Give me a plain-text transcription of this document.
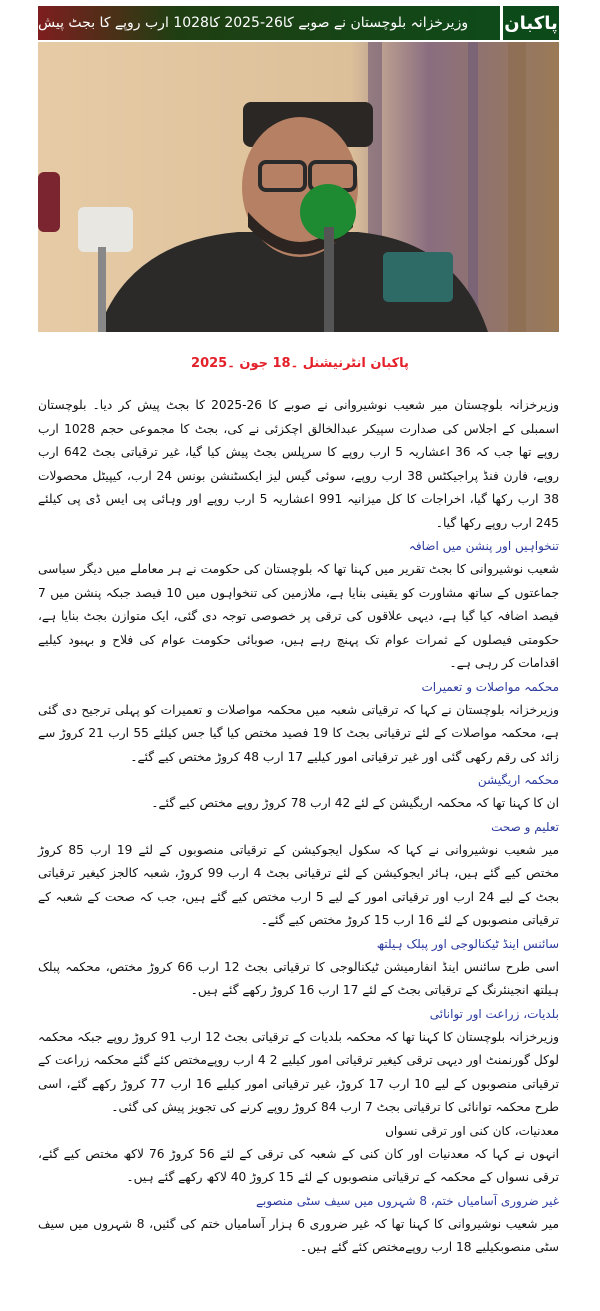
وزیرخزانہ بلوچستان نے صوبے کا26-2025 کا1028 ارب روپے کا بجٹ پیش	پاکبان
پاکبان انٹرنیشنل ۔18 جون ۔2025

وزیرخزانہ بلوچستان میر شعیب نوشیروانی نے صوبے کا 26-2025 کا بجٹ پیش کر دیا۔ بلوچستان اسمبلی کے اجلاس کی صدارت سپیکر عبدالخالق اچکزئی نے کی، بجٹ کا مجموعی حجم 1028 ارب روپے تھا جب کہ 36 اعشاریہ 5 ارب روپے کا سرپلس بجٹ پیش کیا گیا، غیر ترقیاتی بجٹ 642 ارب روپے، فارن فنڈ پراجیکٹس 38 ارب روپے، سوئی گیس لیز ایکسٹنشن بونس 24 ارب، کیپیٹل محصولات 38 ارب رکھا گیا، اخراجات کا کل میزانیہ 991 اعشاریہ 5 ارب روپے اور وہائی پی ایس ڈی پی کیلئے 245 ارب روپے رکھا گیا۔

تنخواہیں اور پنشن میں اضافہ

شعیب نوشیروانی کا بجٹ تقریر میں کہنا تھا کہ بلوچستان کی حکومت نے ہر معاملے میں دیگر سیاسی جماعتوں کے ساتھ مشاورت کو یقینی بنایا ہے، ملازمین کی تنخواہوں میں 10 فیصد جبکہ پنشن میں 7 فیصد اضافہ کیا گیا ہے، دیہی علاقوں کی ترقی پر خصوصی توجہ دی گئی، ایک متوازن بجٹ بنایا ہے، حکومتی فیصلوں کے ثمرات عوام تک پہنچ رہے ہیں، صوبائی حکومت عوام کی فلاح و بہبود کیلیے اقدامات کر رہی ہے۔

محکمہ مواصلات و تعمیرات

وزیرخزانہ بلوچستان نے کہا کہ ترقیاتی شعبہ میں محکمہ مواصلات و تعمیرات کو پہلی ترجیح دی گئی ہے، محکمہ مواصلات کے لئے ترقیاتی بجٹ کا 19 فصید مختص کیا گیا جس کیلئے 55 ارب 21 کروڑ سے زائد کی رقم رکھی گئی اور غیر ترقیاتی امور کیلیے 17 ارب 48 کروڑ مختص کیے گئے۔

محکمہ اریگیشن

ان کا کہنا تھا کہ محکمہ اریگیشن کے لئے 42 ارب 78 کروڑ روپے مختص کیے گئے۔

تعلیم و صحت

میر شعیب نوشیروانی نے کہا کہ سکول ایجوکیشن کے ترقیاتی منصوبوں کے لئے 19 ارب 85 کروڑ مختص کیے گئے ہیں، ہائر ایجوکیشن کے لئے ترقیاتی بجٹ 4 ارب 99 کروڑ، شعبہ کالجز کیغیر ترقیاتی بجٹ کے لیے 24 ارب اور ترقیاتی امور کے لیے 5 ارب مختص کیے گئے ہیں، جب کہ صحت کے شعبہ کے ترقیاتی منصوبوں کے لئے 16 ارب 15 کروڑ مختص کیے گئے۔

سائنس اینڈ ٹیکنالوجی اور پبلک ہیلتھ

اسی طرح سائنس اینڈ انفارمیشن ٹیکنالوجی کا ترقیاتی بجٹ 12 ارب 66 کروڑ مختص، محکمہ پبلک ہیلتھ انجینئرنگ کے ترقیاتی بجٹ کے لئے 17 ارب 16 کروڑ رکھے گئے ہیں۔

بلدیات، زراعت اور توانائی

وزیرخزانہ بلوچستان کا کہنا تھا کہ محکمہ بلدیات کے ترقیاتی بجٹ 12 ارب 91 کروڑ روپے جبکہ محکمہ لوکل گورنمنٹ اور دیہی ترقی کیغیر ترقیاتی امور کیلیے 2 4 ارب روپےمختص کئے گئے محکمہ زراعت کے ترقیاتی منصوبوں کے لیے 10 ارب 17 کروڑ، غیر ترقیاتی امور کیلیے 16 ارب 77 کروڑ رکھے گئے، اسی طرح محکمہ توانائی کا ترقیاتی بجٹ 7 ارب 84 کروڑ روپے کرنے کی تجویز پیش کی گئی۔

معدنیات، کان کنی اور ترقی نسواں

انہوں نے کہا کہ معدنیات اور کان کنی کے شعبہ کی ترقی کے لئے 56 کروڑ 76 لاکھ مختص کیے گئے، ترقی نسواں کے محکمہ کے ترقیاتی منصوبوں کے لئے 15 کروڑ 40 لاکھ رکھے گئے ہیں۔

غیر ضروری آسامیاں ختم، 8 شہروں میں سیف سٹی منصوبے

میر شعیب نوشیروانی کا کہنا تھا کہ غیر ضروری 6 ہزار آسامیاں ختم کی گئیں، 8 شہروں میں سیف سٹی منصوبکیلیے 18 ارب روپےمختص کئے گئے ہیں۔
